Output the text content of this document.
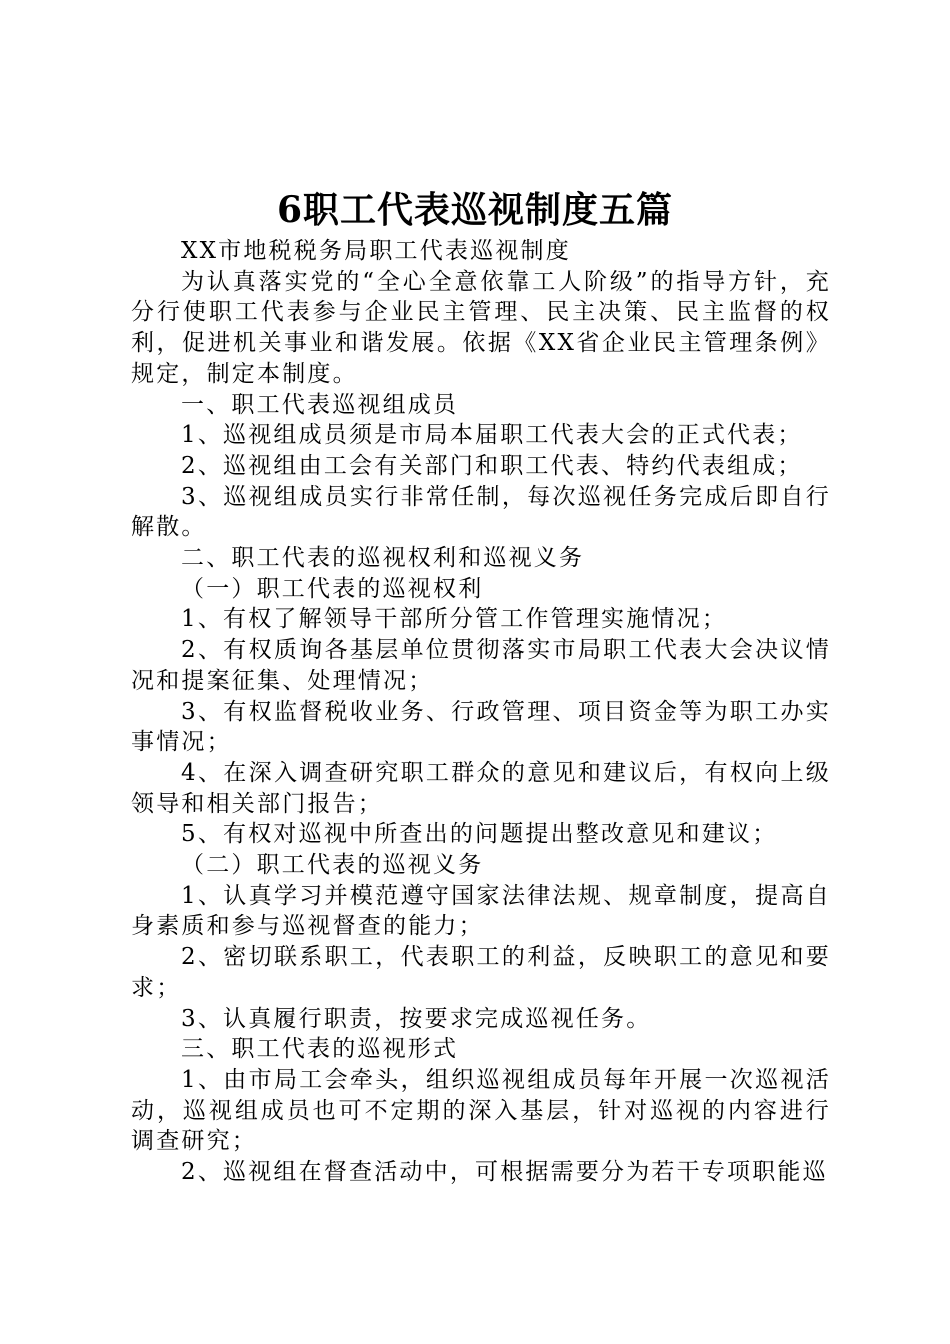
6职工代表巡视制度五篇

XX市地税税务局职工代表巡视制度

为认真落实党的“全心全意依靠工人阶级”的指导方针，充分行使职工代表参与企业民主管理、民主决策、民主监督的权利，促进机关事业和谐发展。依据《XX省企业民主管理条例》规定，制定本制度。

一、职工代表巡视组成员

1、巡视组成员须是市局本届职工代表大会的正式代表；

2、巡视组由工会有关部门和职工代表、特约代表组成；

3、巡视组成员实行非常任制，每次巡视任务完成后即自行解散。

二、职工代表的巡视权利和巡视义务

（一）职工代表的巡视权利

1、有权了解领导干部所分管工作管理实施情况；

2、有权质询各基层单位贯彻落实市局职工代表大会决议情况和提案征集、处理情况；

3、有权监督税收业务、行政管理、项目资金等为职工办实事情况；

4、在深入调查研究职工群众的意见和建议后，有权向上级领导和相关部门报告；

5、有权对巡视中所查出的问题提出整改意见和建议；

（二）职工代表的巡视义务

1、认真学习并模范遵守国家法律法规、规章制度，提高自身素质和参与巡视督查的能力；

2、密切联系职工，代表职工的利益，反映职工的意见和要求；

3、认真履行职责，按要求完成巡视任务。

三、职工代表的巡视形式

1、由市局工会牵头，组织巡视组成员每年开展一次巡视活动，巡视组成员也可不定期的深入基层，针对巡视的内容进行调查研究；

2、巡视组在督查活动中，可根据需要分为若干专项职能巡
